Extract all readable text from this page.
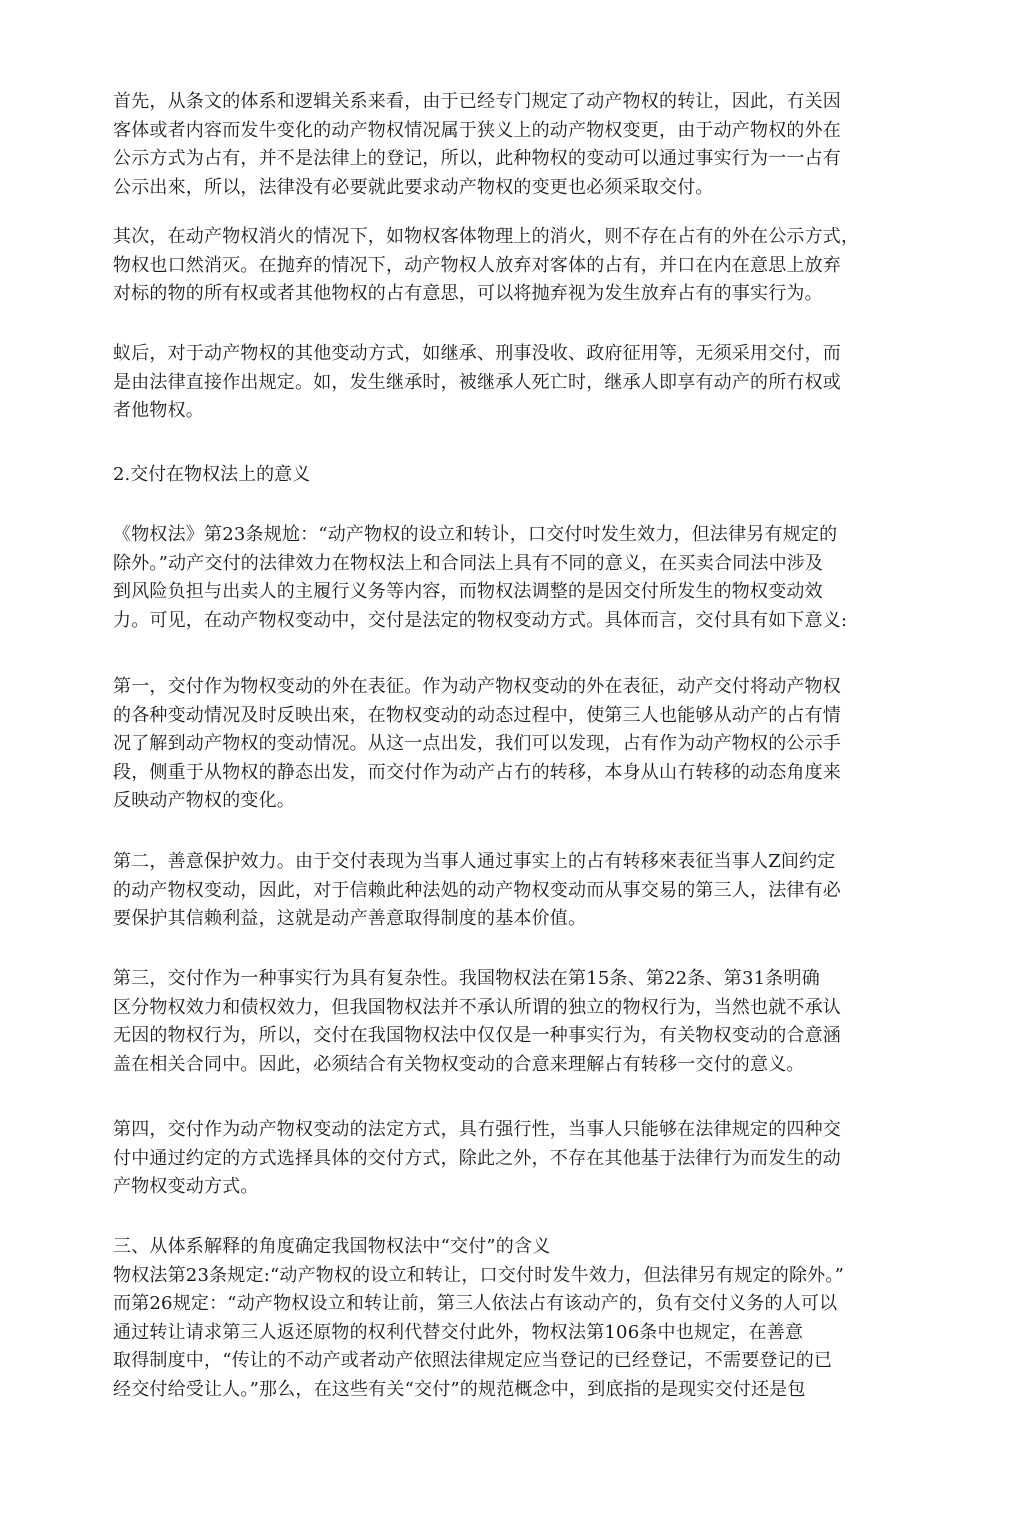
首先，从条文的体系和逻辑关系来看，由于已经专门规定了动产物权的转让，因此，冇关因
客体或者内容而发牛变化的动产物权情况属于狭义上的动产物权变更，由于动产物权的外在
公示方式为占有，并不是法律上的登记，所以，此种物权的变动可以通过事实行为一一占有
公示出來，所以，法律没有必要就此要求动产物权的变更也必须采取交付。
其次，在动产物权消火的情况下，如物权客体物理上的消火，则不存在占有的外在公示方式，
物权也口然消灭。在抛弃的情况下，动产物权人放弃对客体的占有，并口在内在意思上放弃
对标的物的所有权或者其他物权的占有意思，可以将抛弃视为发生放弃占有的事实行为。
蚁后，对于动产物权的其他变动方式，如继承、刑事没收、政府征用等，无须采用交付，而
是由法律直接作出规定。如，发生继承时，被继承人死亡时，继承人即享有动产的所冇权或
者他物权。
2.交付在物权法上的意义
《物权法》第23条规尬：“动产物权的设立和转讣，口交付吋发生效力，但法律另有规定的
除外。”动产交付的法律效力在物权法上和合同法上具有不同的意义，在买卖合同法中涉及
到风险负担与出卖人的主履行义务等内容，而物权法调整的是因交付所发生的物权变动效
力。可见，在动产物权变动中，交付是法定的物权变动方式。具体而言，交付具有如下意义:
第一，交付作为物权变动的外在表征。作为动产物权变动的外在表征，动产交付将动产物权
的各种变动情况及时反映出來，在物权变动的动态过程中，使第三人也能够从动产的占有情
况了解到动产物权的变动情况。从这一点出发，我们可以发现，占有作为动产物权的公示手
段，侧重于从物权的静态出发，而交付作为动产占冇的转移，本身从山冇转移的动态角度来
反映动产物权的变化。
第二，善意保护效力。由于交付表现为当事人通过事实上的占有转移來表征当事人Z间约定
的动产物权变动，因此，对于信赖此种法処的动产物权变动而从事交易的第三人，法律有必
要保护其信赖利益，这就是动产善意取得制度的基本价值。
第三，交付作为一种事实行为具有复杂性。我国物权法在第15条、第22条、第31条明确
区分物权效力和债权效力，但我国物权法并不承认所谓的独立的物权行为，当然也就不承认
无因的物权行为，所以，交付在我国物权法中仅仅是一种事实行为，有关物权变动的合意涵
盖在相关合同中。因此，必须结合有关物权变动的合意来理解占有转移一交付的意义。
第四，交付作为动产物权变动的法定方式，具冇强行性，当事人只能够在法律规定的四种交
付中通过约定的方式选择具体的交付方式，除此之外，不存在其他基于法律行为而发生的动
产物权变动方式。
三、从体系解释的角度确定我国物权法中“交付”的含义
物权法第23条规定:“动产物权的设立和转让，口交付时发牛效力，但法律另有规定的除外。”
而第26规定：“动产物权设立和转让前，第三人依法占有该动产的，负有交付义务的人可以
通过转让请求第三人返还原物的权利代替交付此外，物权法第106条中也规定，在善意
取得制度中，“传让的不动产或者动产依照法律规定应当登记的已经登记，不需要登记的已
经交付给受让人。”那么，在这些有关“交付”的规范概念中，到底指的是现实交付还是包
